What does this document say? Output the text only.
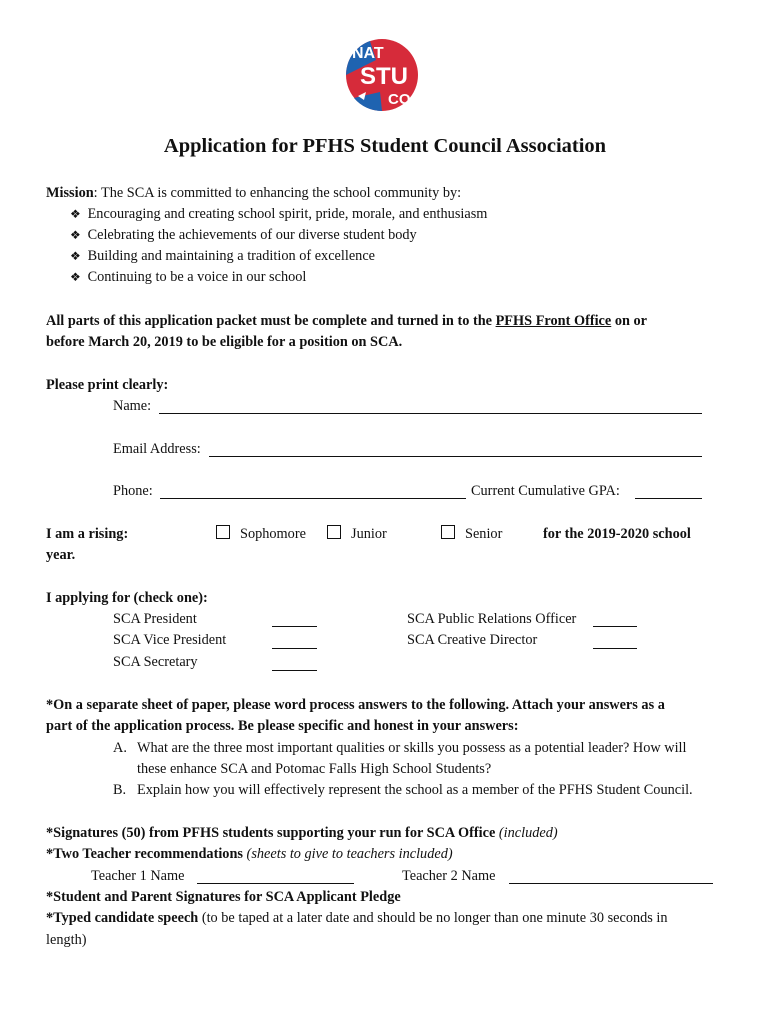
NAT
STU
CO
Application for PFHS Student Council Association
Mission: The SCA is committed to enhancing the school community by:
❖ Encouraging and creating school spirit, pride, morale, and enthusiasm
❖ Celebrating the achievements of our diverse student body
❖ Building and maintaining a tradition of excellence
❖ Continuing to be a voice in our school
All parts of this application packet must be complete and turned in to the PFHS Front Office on or
before March 20, 2019 to be eligible for a position on SCA.
Please print clearly:
Name:
Email Address:
Phone:	Current Cumulative GPA:
I am a rising:
year.
Sophomore	Junior	Senior	for the 2019-2020 school
I applying for (check one):
SCA President
SCA Vice President
SCA Secretary
SCA Public Relations Officer
SCA Creative Director
*On a separate sheet of paper, please word process answers to the following. Attach your answers as a
part of the application process. Be please specific and honest in your answers:
A. What are the three most important qualities or skills you possess as a potential leader? How will
these enhance SCA and Potomac Falls High School Students?
B. Explain how you will effectively represent the school as a member of the PFHS Student Council.
*Signatures (50) from PFHS students supporting your run for SCA Office (included)
*Two Teacher recommendations (sheets to give to teachers included)
Teacher 1 Name	Teacher 2 Name
*Student and Parent Signatures for SCA Applicant Pledge
*Typed candidate speech (to be taped at a later date and should be no longer than one minute 30 seconds in
length)
